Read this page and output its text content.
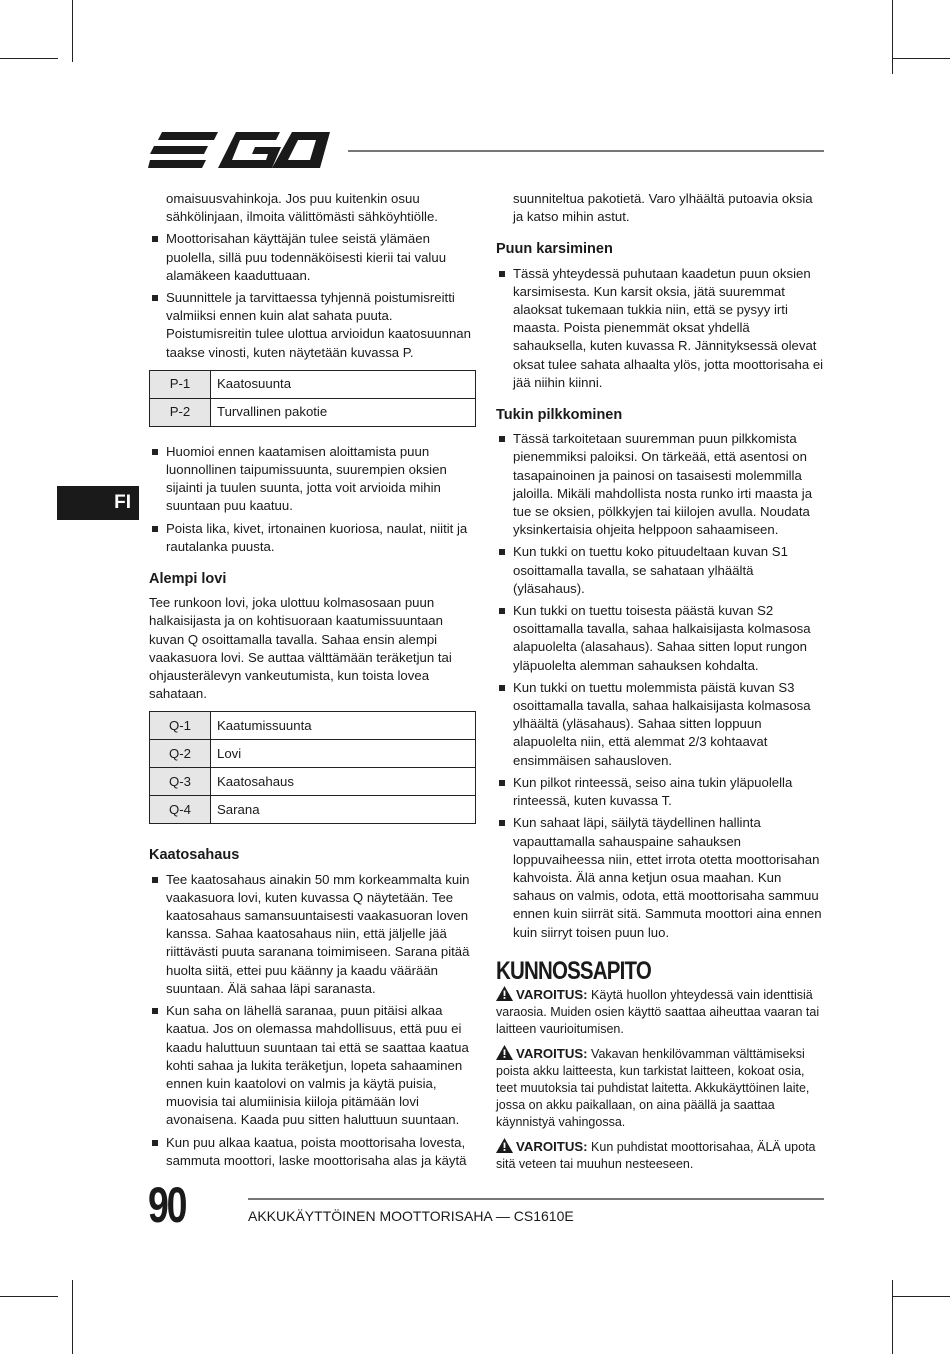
FI

omaisuusvahinkoja. Jos puu kuitenkin osuu sähkölinjaan, ilmoita välittömästi sähköyhtiölle.

Moottorisahan käyttäjän tulee seistä ylämäen puolella, sillä puu todennäköisesti kierii tai valuu alamäkeen kaaduttuaan.
Suunnittele ja tarvittaessa tyhjennä poistumisreitti valmiiksi ennen kuin alat sahata puuta. Poistumisreitin tulee ulottua arvioidun kaatosuunnan taakse vinosti, kuten näytetään kuvassa P.
P-1	Kaatosuunta
P-2	Turvallinen pakotie
Huomioi ennen kaatamisen aloittamista puun luonnollinen taipumissuunta, suurempien oksien sijainti ja tuulen suunta, jotta voit arvioida mihin suuntaan puu kaatuu.
Poista lika, kivet, irtonainen kuoriosa, naulat, niitit ja rautalanka puusta.
Alempi lovi

Tee runkoon lovi, joka ulottuu kolmasosaan puun halkaisijasta ja on kohtisuoraan kaatumissuuntaan kuvan Q osoittamalla tavalla. Sahaa ensin alempi vaakasuora lovi. Se auttaa välttämään teräketjun tai ohjausterälevyn vankeutumista, kun toista lovea sahataan.

Q-1	Kaatumissuunta
Q-2	Lovi
Q-3	Kaatosahaus
Q-4	Sarana
Kaatosahaus
Tee kaatosahaus ainakin 50 mm korkeammalta kuin vaakasuora lovi, kuten kuvassa Q näytetään. Tee kaatosahaus samansuuntaisesti vaakasuoran loven kanssa. Sahaa kaatosahaus niin, että jäljelle jää riittävästi puuta saranana toimimiseen. Sarana pitää huolta siitä, ettei puu käänny ja kaadu väärään suuntaan. Älä sahaa läpi saranasta.
Kun saha on lähellä saranaa, puun pitäisi alkaa kaatua. Jos on olemassa mahdollisuus, että puu ei kaadu haluttuun suuntaan tai että se saattaa kaatua kohti sahaa ja lukita teräketjun, lopeta sahaaminen ennen kuin kaatolovi on valmis ja käytä puisia, muovisia tai alumiinisia kiiloja pitämään lovi avonaisena. Kaada puu sitten haluttuun suuntaan.
Kun puu alkaa kaatua, poista moottorisaha lovesta, sammuta moottori, laske moottorisaha alas ja käytä

suunniteltua pakotietä. Varo ylhäältä putoavia oksia ja katso mihin astut.

Puun karsiminen
Tässä yhteydessä puhutaan kaadetun puun oksien karsimisesta. Kun karsit oksia, jätä suuremmat alaoksat tukemaan tukkia niin, että se pysyy irti maasta. Poista pienemmät oksat yhdellä sahauksella, kuten kuvassa R. Jännityksessä olevat oksat tulee sahata alhaalta ylös, jotta moottorisaha ei jää niihin kiinni.
Tukin pilkkominen
Tässä tarkoitetaan suuremman puun pilkkomista pienemmiksi paloiksi. On tärkeää, että asentosi on tasapainoinen ja painosi on tasaisesti molemmilla jaloilla. Mikäli mahdollista nosta runko irti maasta ja tue se oksien, pölkkyjen tai kiilojen avulla. Noudata yksinkertaisia ohjeita helppoon sahaamiseen.
Kun tukki on tuettu koko pituudeltaan kuvan S1 osoittamalla tavalla, se sahataan ylhäältä (yläsahaus).
Kun tukki on tuettu toisesta päästä kuvan S2 osoittamalla tavalla, sahaa halkaisijasta kolmasosa alapuolelta (alasahaus). Sahaa sitten loput rungon yläpuolelta alemman sahauksen kohdalta.
Kun tukki on tuettu molemmista päistä kuvan S3 osoittamalla tavalla, sahaa halkaisijasta kolmasosa ylhäältä (yläsahaus). Sahaa sitten loppuun alapuolelta niin, että alemmat 2/3 kohtaavat ensimmäisen sahausloven.
Kun pilkot rinteessä, seiso aina tukin yläpuolella rinteessä, kuten kuvassa T.
Kun sahaat läpi, säilytä täydellinen hallinta vapauttamalla sahauspaine sahauksen loppuvaiheessa niin, ettet irrota otetta moottorisahan kahvoista. Älä anna ketjun osua maahan. Kun sahaus on valmis, odota, että moottorisaha sammuu ennen kuin siirrät sitä. Sammuta moottori aina ennen kuin siirryt toisen puun luo.
KUNNOSSAPITO

VAROITUS: Käytä huollon yhteydessä vain identtisiä varaosia. Muiden osien käyttö saattaa aiheuttaa vaaran tai laitteen vaurioitumisen.

VAROITUS: Vakavan henkilövamman välttämiseksi poista akku laitteesta, kun tarkistat laitteen, kokoat osia, teet muutoksia tai puhdistat laitetta. Akkukäyttöinen laite, jossa on akku paikallaan, on aina päällä ja saattaa käynnistyä vahingossa.

VAROITUS: Kun puhdistat moottorisahaa, ÄLÄ upota sitä veteen tai muuhun nesteeseen.

90	AKKUKÄYTTÖINEN MOOTTORISAHA — CS1610E
